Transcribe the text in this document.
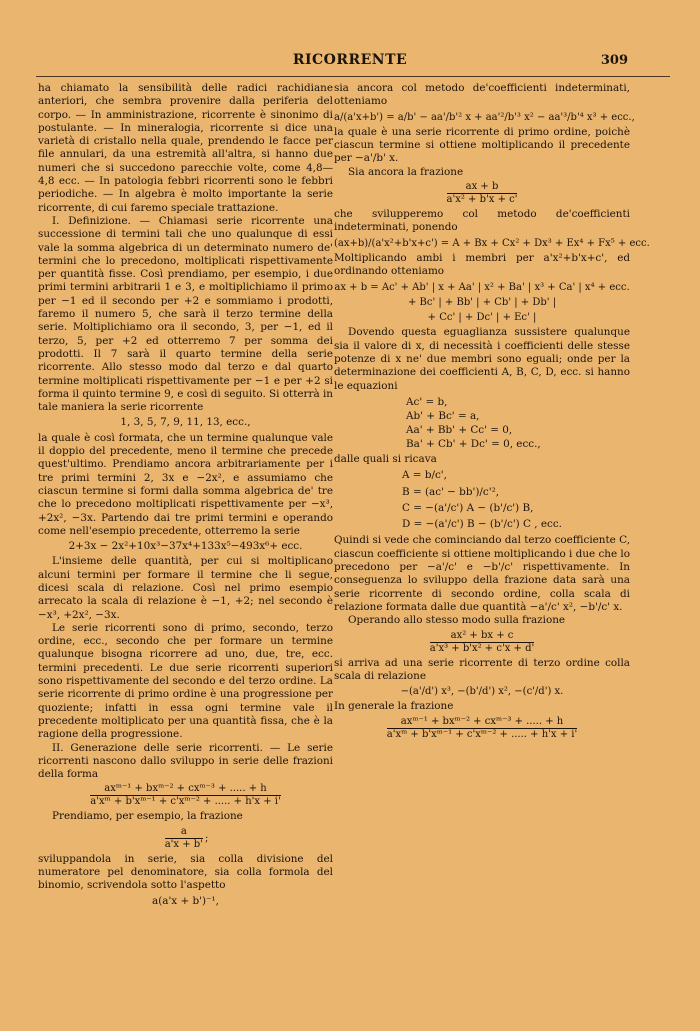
RICORRENTE	309

ha chiamato la sensibilità delle radici rachidiane anteriori, che sembra provenire dalla periferia del corpo. — In amministrazione, ricorrente è sinonimo di postulante. — In mineralogia, ricorrente si dice una varietà di cristallo nella quale, prendendo le facce per file annulari, da una estremità all'altra, si hanno due numeri che si succedono parecchie volte, come 4,8—4,8 ecc. — In patologia febbri ricorrenti sono le febbri periodiche. — In algebra è molto importante la serie ricorrente, di cui faremo speciale trattazione.

I. Definizione. — Chiamasi serie ricorrente una successione di termini tali che uno qualunque di essi vale la somma algebrica di un determinato numero de' termini che lo precedono, moltiplicati rispettivamente per quantità fisse. Così prendiamo, per esempio, i due primi termini arbitrarii 1 e 3, e moltiplichiamo il primo per −1 ed il secondo per +2 e sommiamo i prodotti, faremo il numero 5, che sarà il terzo termine della serie. Moltiplichiamo ora il secondo, 3, per −1, ed il terzo, 5, per +2 ed otterremo 7 per somma dei prodotti. Il 7 sarà il quarto termine della serie ricorrente. Allo stesso modo dal terzo e dal quarto termine moltiplicati rispettivamente per −1 e per +2 si forma il quinto termine 9, e così di seguito. Si otterrà in tale maniera la serie ricorrente

1, 3, 5, 7, 9, 11, 13, ecc.,

la quale è così formata, che un termine qualunque vale il doppio del precedente, meno il termine che precede quest'ultimo. Prendiamo ancora arbitrariamente per i tre primi termini 2, 3x e −2x², e assumiamo che ciascun termine si formi dalla somma algebrica de' tre che lo precedono moltiplicati rispettivamente per −x³, +2x², −3x. Partendo dai tre primi termini e operando come nell'esempio precedente, otterremo la serie

2+3x − 2x²+10x³−37x⁴+133x⁵−493x⁶+ ecc.

L'insieme delle quantità, per cui si moltiplicano alcuni termini per formare il termine che li segue, dicesi scala di relazione. Così nel primo esempio arrecato la scala di relazione è −1, +2; nel secondo è −x³, +2x², −3x.

Le serie ricorrenti sono di primo, secondo, terzo ordine, ecc., secondo che per formare un termine qualunque bisogna ricorrere ad uno, due, tre, ecc. termini precedenti. Le due serie ricorrenti superiori sono rispettivamente del secondo e del terzo ordine. La serie ricorrente di primo ordine è una progressione per quoziente; infatti in essa ogni termine vale il precedente moltiplicato per una quantità fissa, che è la ragione della progressione.

II. Generazione delle serie ricorrenti. — Le serie ricorrenti nascono dallo sviluppo in serie delle frazioni della forma

$\frac{\text{axᵐ⁻¹ + bxᵐ⁻² + cxᵐ⁻³ + ..... + h}}{\text{a'xᵐ + b'xᵐ⁻¹ + c'xᵐ⁻² + ..... + h'x + i'}}$

Prendiamo, per esempio, la frazione

$\frac{a}{a'x + b'}$ ;

sviluppandola in serie, sia colla divisione del numeratore pel denominatore, sia colla formola del binomio, scrivendola sotto l'aspetto

a(a'x + b')⁻¹,

sia ancora col metodo de'coefficienti indeterminati, otteniamo

a/(a'x+b') = a/b' − aa'/b'² x + aa'²/b'³ x² − aa'³/b'⁴ x³ + ecc.,

la quale è una serie ricorrente di primo ordine, poichè ciascun termine si ottiene moltiplicando il precedente per −a'/b' x.

Sia ancora la frazione

$\frac{ax + b}{\text{a'x² + b'x + c'}}$

che svilupperemo col metodo de'coefficienti indeterminati, ponendo

(ax+b)/(a'x²+b'x+c') = A + Bx + Cx² + Dx³ + Ex⁴ + Fx⁵ + ecc.

Moltiplicando ambi i membri per a'x²+b'x+c', ed ordinando otteniamo

ax + b = Ac' + Ab' | x + Aa' | x² + Ba' | x³ + Ca' | x⁴ + ecc.
+ Bc' | + Bb' | + Cb' | + Db' |
+ Cc' | + Dc' | + Ec' |

Dovendo questa eguaglianza sussistere qualunque sia il valore di x, di necessità i coefficienti delle stesse potenze di x ne' due membri sono eguali; onde per la determinazione dei coefficienti A, B, C, D, ecc. si hanno le equazioni

Ac' = b,
Ab' + Bc' = a,
Aa' + Bb' + Cc' = 0,
Ba' + Cb' + Dc' = 0, ecc.,

dalle quali si ricava

A = b/c',
B = (ac' − bb')/c'²,
C = −(a'/c') A − (b'/c') B,
D = −(a'/c') B − (b'/c') C , ecc.

Quindi si vede che cominciando dal terzo coefficiente C, ciascun coefficiente si ottiene moltiplicando i due che lo precedono per −a'/c' e −b'/c' rispettivamente. In conseguenza lo sviluppo della frazione data sarà una serie ricorrente di secondo ordine, colla scala di relazione formata dalle due quantità −a'/c' x², −b'/c' x.

Operando allo stesso modo sulla frazione

$\frac{\text{ax² + bx + c}}{\text{a'x³ + b'x² + c'x + d'}}$

si arriva ad una serie ricorrente di terzo ordine colla scala di relazione

−(a'/d') x³, −(b'/d') x², −(c'/d') x.

In generale la frazione

$\frac{\text{axᵐ⁻¹ + bxᵐ⁻² + cxᵐ⁻³ + ..... + h}}{\text{a'xᵐ + b'xᵐ⁻¹ + c'xᵐ⁻² + ..... + h'x + i'}}$
